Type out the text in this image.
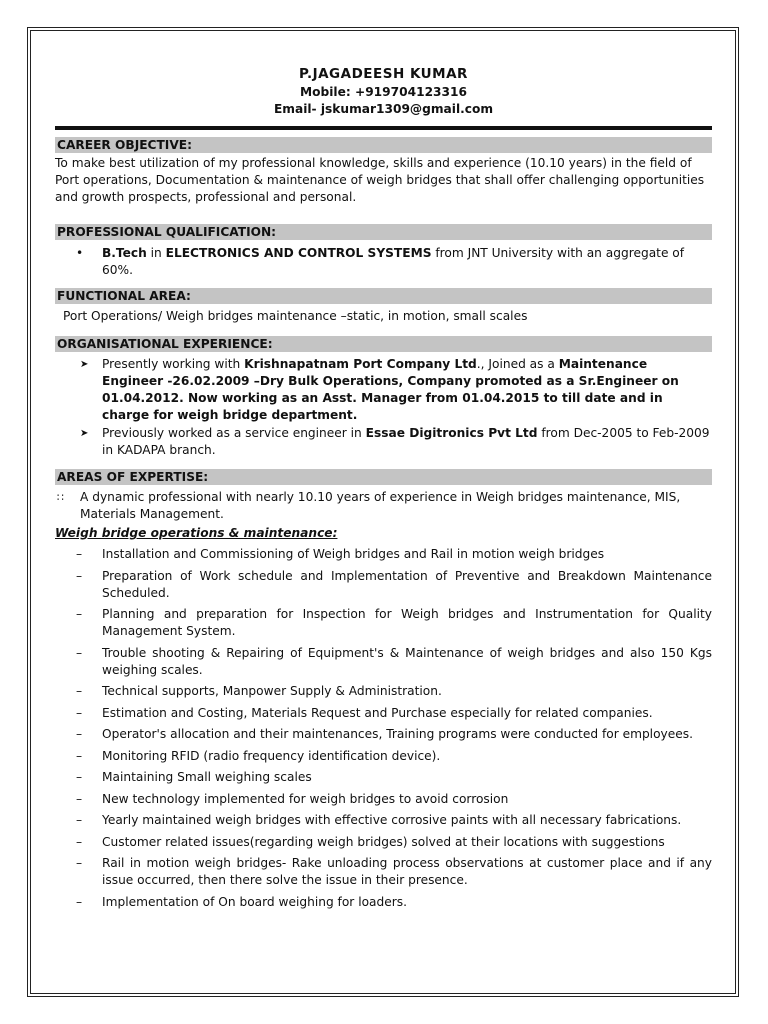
P.JAGADEESH KUMAR
Mobile: +919704123316
Email- jskumar1309@gmail.com
CAREER OBJECTIVE:
To make best utilization of my professional knowledge, skills and experience (10.10 years) in the field of Port operations, Documentation & maintenance of weigh bridges that shall offer challenging opportunities and growth prospects, professional and personal.
PROFESSIONAL QUALIFICATION:
• B.Tech in ELECTRONICS AND CONTROL SYSTEMS from JNT University with an aggregate of 60%.
FUNCTIONAL AREA:
Port Operations/ Weigh bridges maintenance –static, in motion, small scales
ORGANISATIONAL EXPERIENCE:
➤ Presently working with Krishnapatnam Port Company Ltd., Joined as a Maintenance Engineer -26.02.2009 –Dry Bulk Operations, Company promoted as a Sr.Engineer on 01.04.2012. Now working as an Asst. Manager from 01.04.2015 to till date and in charge for weigh bridge department.
➤ Previously worked as a service engineer in Essae Digitronics Pvt Ltd from Dec-2005 to Feb-2009 in KADAPA branch.
AREAS OF EXPERTISE:
∷ A dynamic professional with nearly 10.10 years of experience in Weigh bridges maintenance, MIS, Materials Management.
Weigh bridge operations & maintenance:
– Installation and Commissioning of Weigh bridges and Rail in motion weigh bridges
– Preparation of Work schedule and Implementation of Preventive and Breakdown Maintenance Scheduled.
– Planning and preparation for Inspection for Weigh bridges and Instrumentation for Quality Management System.
– Trouble shooting & Repairing of Equipment's & Maintenance of weigh bridges and also 150 Kgs weighing scales.
– Technical supports, Manpower Supply & Administration.
– Estimation and Costing, Materials Request and Purchase especially for related companies.
– Operator's allocation and their maintenances, Training programs were conducted for employees.
– Monitoring RFID (radio frequency identification device).
– Maintaining Small weighing scales
– New technology implemented for weigh bridges to avoid corrosion
– Yearly maintained weigh bridges with effective corrosive paints with all necessary fabrications.
– Customer related issues(regarding weigh bridges) solved at their locations with suggestions
– Rail in motion weigh bridges- Rake unloading process observations at customer place and if any issue occurred, then there solve the issue in their presence.
– Implementation of On board weighing for loaders.
